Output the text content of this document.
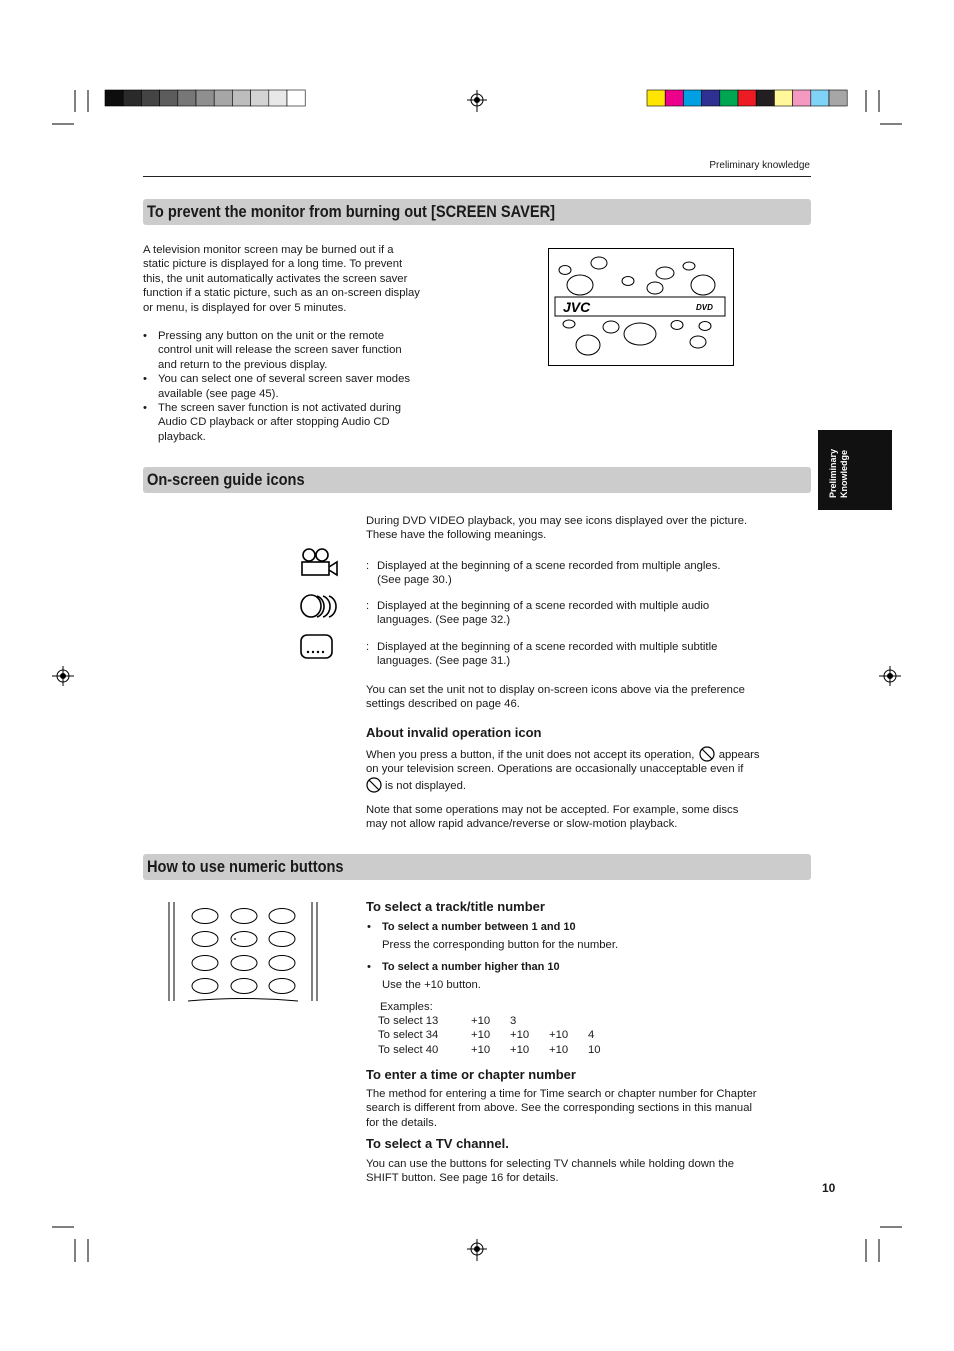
Preliminary knowledge
To prevent the monitor from burning out [SCREEN SAVER]
A television monitor screen may be burned out if a
static picture is displayed for a long time. To prevent
this, the unit automatically activates the screen saver
function if a static picture, such as an on-screen display
or menu, is displayed for over 5 minutes.
• Pressing any button on the unit or the remote
control unit will release the screen saver function
and return to the previous display.
• You can select one of several screen saver modes
available (see page 45).
• The screen saver function is not activated during
Audio CD playback or after stopping Audio CD
playback.
JVC	DVD
Preliminary
Knowledge
On-screen guide icons
During DVD VIDEO playback, you may see icons displayed over the picture.
These have the following meanings.
: Displayed at the beginning of a scene recorded from multiple angles.
(See page 30.)
: Displayed at the beginning of a scene recorded with multiple audio
languages. (See page 32.)
: Displayed at the beginning of a scene recorded with multiple subtitle
languages. (See page 31.)
You can set the unit not to display on-screen icons above via the preference
settings described on page 46.
About invalid operation icon
When you press a button, if the unit does not accept its operation, appears
on your television screen. Operations are occasionally unacceptable even if
is not displayed.
Note that some operations may not be accepted. For example, some discs
may not allow rapid advance/reverse or slow-motion playback.
How to use numeric buttons
To select a track/title number
• To select a number between 1 and 10
Press the corresponding button for the number.
• To select a number higher than 10
Use the +10 button.
Examples:
To select 13	+10	3		
To select 34	+10	+10	+10	4
To select 40	+10	+10	+10	10
To enter a time or chapter number
The method for entering a time for Time search or chapter number for Chapter
search is different from above. See the corresponding sections in this manual
for the details.
To select a TV channel.
You can use the buttons for selecting TV channels while holding down the
SHIFT button. See page 16 for details.
10
